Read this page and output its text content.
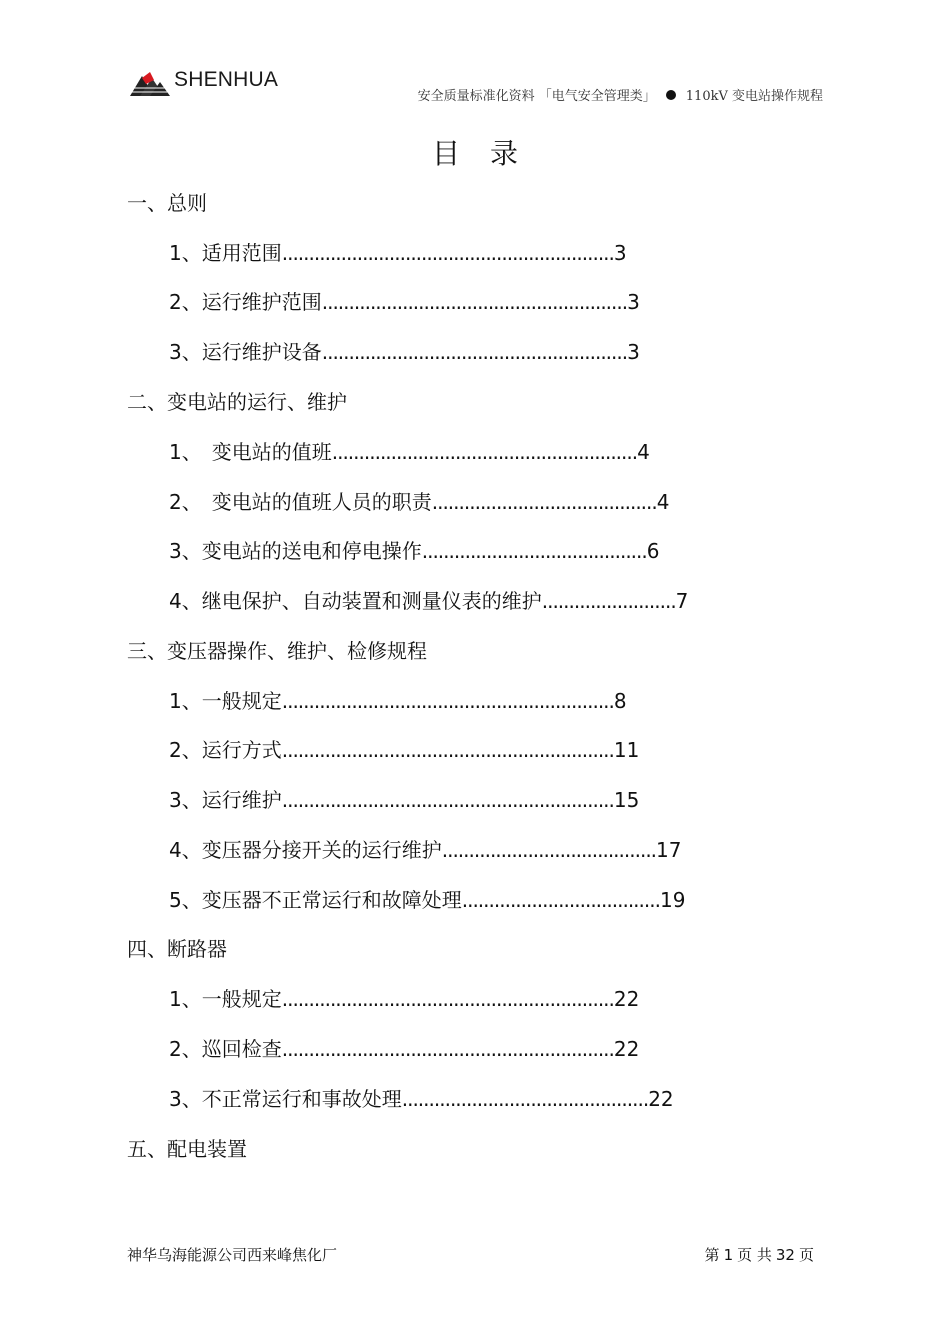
SHENHUA
安全质量标准化资料 「电气安全管理类」 110kV 变电站操作规程
目录
一、总则
1、适用范围..............................................................3
2、运行维护范围.........................................................3
3、运行维护设备.........................................................3
二、变电站的运行、维护
1、　变电站的值班.........................................................4
2、　变电站的值班人员的职责..........................................4
3、变电站的送电和停电操作..........................................6
4、继电保护、自动装置和测量仪表的维护.........................7
三、变压器操作、维护、检修规程
1、一般规定..............................................................8
2、运行方式..............................................................11
3、运行维护..............................................................15
4、变压器分接开关的运行维护........................................17
5、变压器不正常运行和故障处理.....................................19
四、断路器
1、一般规定..............................................................22
2、巡回检查..............................................................22
3、不正常运行和事故处理..............................................22
五、配电装置
神华乌海能源公司西来峰焦化厂	第 1 页 共 32 页
